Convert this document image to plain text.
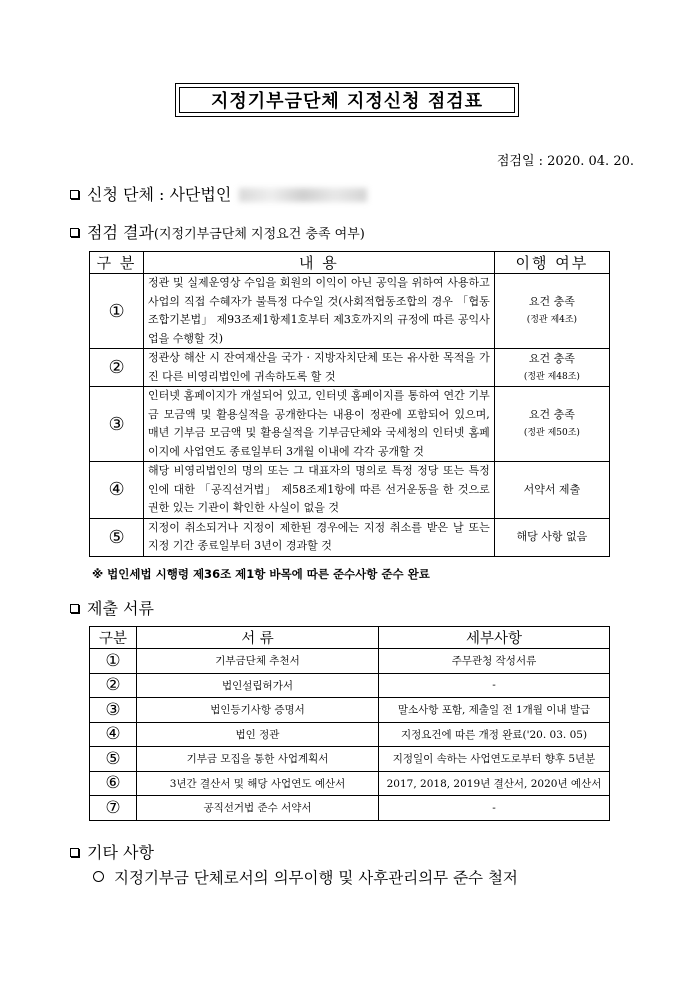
지정기부금단체 지정신청 점검표
점검일 : 2020. 04. 20.
신청 단체 : 사단법인
점검 결과(지정기부금단체 지정요건 충족 여부)
구 분	내 용	이행 여부
①	정관 및 실제운영상 수입을 회원의 이익이 아닌 공익을 위하여 사용하고 사업의 직접 수혜자가 불특정 다수일 것(사회적협동조합의 경우 「협동조합기본법」 제93조제1항제1호부터 제3호까지의 규정에 따른 공익사업을 수행할 것)	요건 충족
(정관 제4조)

②	정관상 해산 시 잔여재산을 국가 · 지방자치단체 또는 유사한 목적을 가진 다른 비영리법인에 귀속하도록 할 것	요건 충족
(정관 제48조)

③	인터넷 홈페이지가 개설되어 있고, 인터넷 홈페이지를 통하여 연간 기부금 모금액 및 활용실적을 공개한다는 내용이 정관에 포함되어 있으며, 매년 기부금 모금액 및 활용실적을 기부금단체와 국세청의 인터넷 홈페이지에 사업연도 종료일부터 3개월 이내에 각각 공개할 것	요건 충족
(정관 제50조)

④	해당 비영리법인의 명의 또는 그 대표자의 명의로 특정 정당 또는 특정인에 대한 「공직선거법」 제58조제1항에 따른 선거운동을 한 것으로 권한 있는 기관이 확인한 사실이 없을 것	서약서 제출
⑤	지정이 취소되거나 지정이 제한된 경우에는 지정 취소를 받은 날 또는 지정 기간 종료일부터 3년이 경과할 것	해당 사항 없음
※ 법인세법 시행령 제36조 제1항 바목에 따른 준수사항 준수 완료
제출 서류
구분	서 류	세부사항
①	기부금단체 추천서	주무관청 작성서류
②	법인설립허가서	-
③	법인등기사항 증명서	말소사항 포함, 제출일 전 1개월 이내 발급
④	법인 정관	지정요건에 따른 개정 완료('20. 03. 05)
⑤	기부금 모집을 통한 사업계획서	지정일이 속하는 사업연도로부터 향후 5년분
⑥	3년간 결산서 및 해당 사업연도 예산서	2017, 2018, 2019년 결산서, 2020년 예산서
⑦	공직선거법 준수 서약서	-
기타 사항
지정기부금 단체로서의 의무이행 및 사후관리의무 준수 철저
